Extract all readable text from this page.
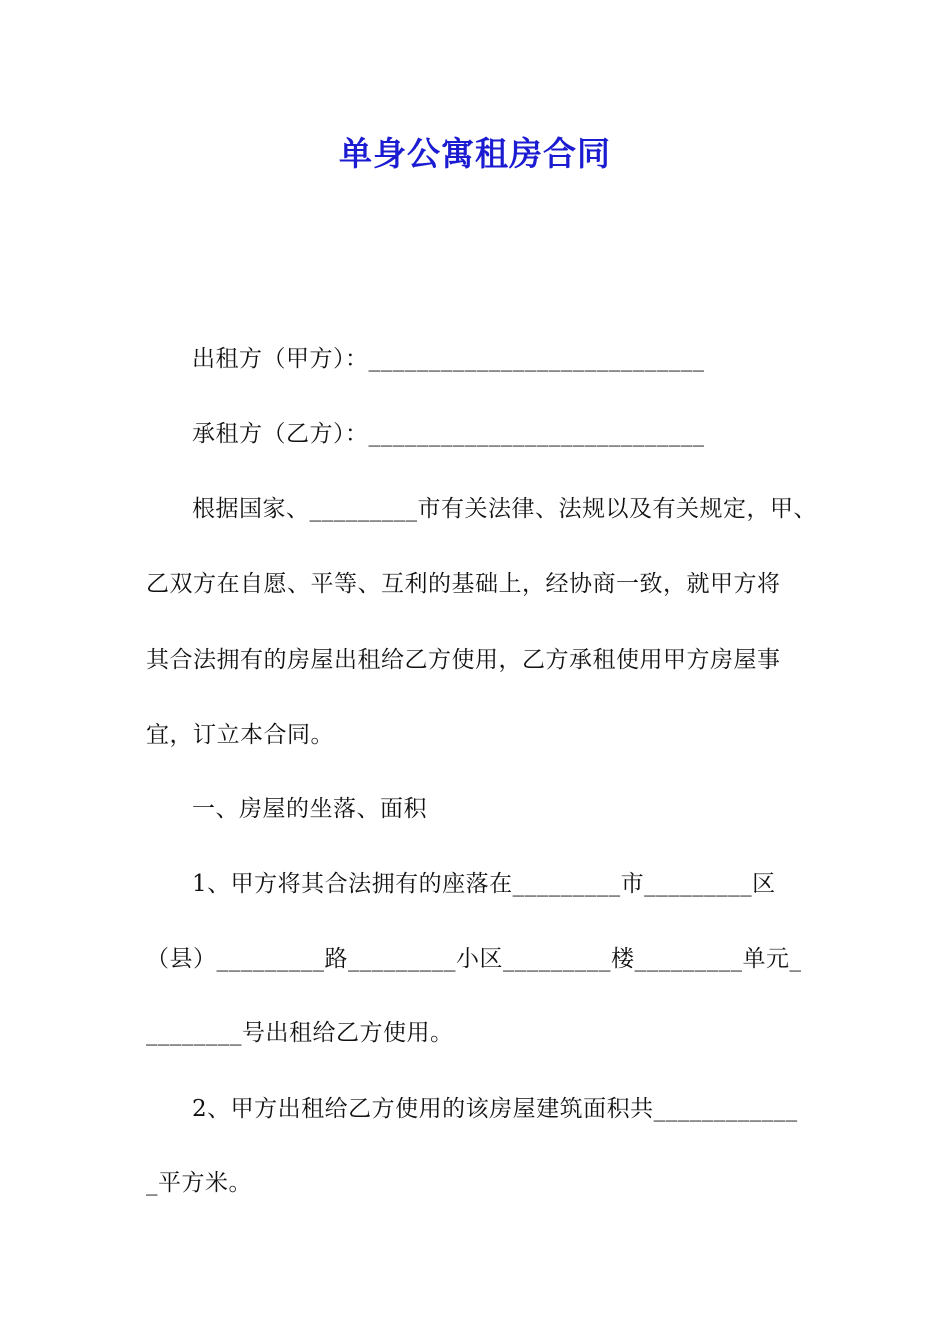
单身公寓租房合同
出租方（甲方）：____________________________
承租方（乙方）：____________________________
根据国家、_________市有关法律、法规以及有关规定，甲、
乙双方在自愿、平等、互利的基础上，经协商一致，就甲方将
其合法拥有的房屋出租给乙方使用，乙方承租使用甲方房屋事
宜，订立本合同。
一、房屋的坐落、面积
1、甲方将其合法拥有的座落在_________市_________区
（县）_________路_________小区_________楼_________单元_
________号出租给乙方使用。
2、甲方出租给乙方使用的该房屋建筑面积共____________
_平方米。
